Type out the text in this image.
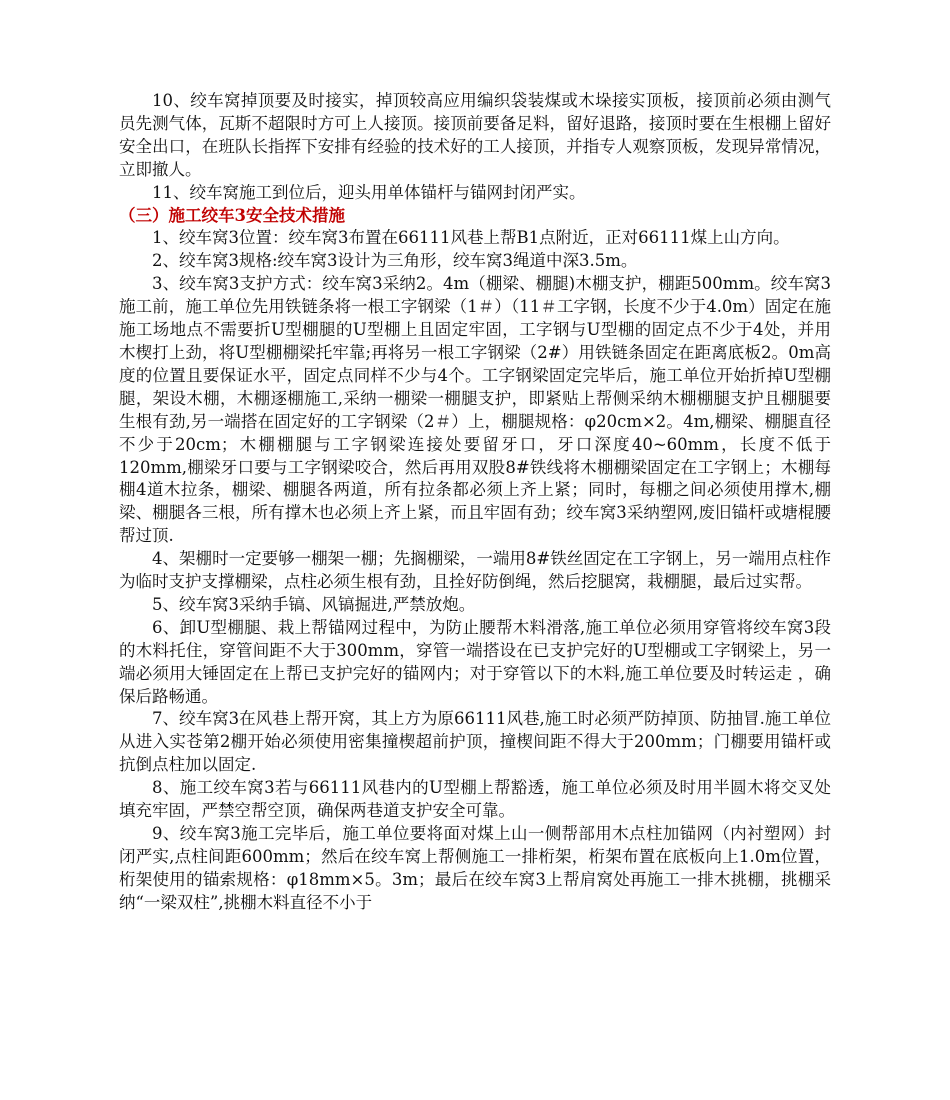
10、绞车窝掉顶要及时接实，掉顶较高应用编织袋装煤或木垛接实顶板，接顶前必须由测气员先测气体，瓦斯不超限时方可上人接顶。接顶前要备足料，留好退路，接顶时要在生根棚上留好安全出口，在班队长指挥下安排有经验的技术好的工人接顶，并指专人观察顶板，发现异常情况，立即撤人。

11、绞车窝施工到位后，迎头用单体锚杆与锚网封闭严实。

（三）施工绞车3安全技术措施

1、绞车窝3位置：绞车窝3布置在66111风巷上帮B1点附近，正对66111煤上山方向。

2、绞车窝3规格:绞车窝3设计为三角形，绞车窝3绳道中深3.5m。

3、绞车窝3支护方式：绞车窝3采纳2。4m（棚梁、棚腿)木棚支护，棚距500mm。绞车窝3施工前，施工单位先用铁链条将一根工字钢梁（1＃）（11＃工字钢，长度不少于4.0m）固定在施施工场地点不需要折U型棚腿的U型棚上且固定牢固，工字钢与U型棚的固定点不少于4处，并用木楔打上劲，将U型棚棚梁托牢靠;再将另一根工字钢梁（2#）用铁链条固定在距离底板2。0m高度的位置且要保证水平，固定点同样不少与4个。工字钢梁固定完毕后，施工单位开始折掉U型棚腿，架设木棚，木棚逐棚施工,采纳一棚梁一棚腿支护，即紧贴上帮侧采纳木棚棚腿支护且棚腿要生根有劲,另一端搭在固定好的工字钢梁（2＃）上，棚腿规格：φ20cm×2。4m,棚梁、棚腿直径不少于20cm；木棚棚腿与工字钢梁连接处要留牙口，牙口深度40~60mm，长度不低于120mm,棚梁牙口要与工字钢梁咬合，然后再用双股8#铁线将木棚棚梁固定在工字钢上；木棚每棚4道木拉条，棚梁、棚腿各两道，所有拉条都必须上齐上紧；同时，每棚之间必须使用撑木,棚梁、棚腿各三根，所有撑木也必须上齐上紧，而且牢固有劲；绞车窝3采纳塑网,废旧锚杆或塘棍腰帮过顶.

4、架棚时一定要够一棚架一棚；先搁棚梁，一端用8#铁丝固定在工字钢上，另一端用点柱作为临时支护支撑棚梁，点柱必须生根有劲，且拴好防倒绳，然后挖腿窝，栽棚腿，最后过实帮。

5、绞车窝3采纳手镐、风镐掘进,严禁放炮。

6、卸U型棚腿、栽上帮锚网过程中，为防止腰帮木料滑落,施工单位必须用穿管将绞车窝3段的木料托住，穿管间距不大于300mm，穿管一端搭设在已支护完好的U型棚或工字钢梁上，另一端必须用大锤固定在上帮已支护完好的锚网内；对于穿管以下的木料,施工单位要及时转运走 ，确保后路畅通。

7、绞车窝3在风巷上帮开窝，其上方为原66111风巷,施工时必须严防掉顶、防抽冒.施工单位从进入实苍第2棚开始必须使用密集撞楔超前护顶，撞楔间距不得大于200mm；门棚要用锚杆或抗倒点柱加以固定.

8、施工绞车窝3若与66111风巷内的U型棚上帮豁透，施工单位必须及时用半圆木将交叉处填充牢固，严禁空帮空顶，确保两巷道支护安全可靠。

9、绞车窝3施工完毕后，施工单位要将面对煤上山一侧帮部用木点柱加锚网（内衬塑网）封闭严实,点柱间距600mm；然后在绞车窝上帮侧施工一排桁架，桁架布置在底板向上1.0m位置，桁架使用的锚索规格：φ18mm×5。3m；最后在绞车窝3上帮肩窝处再施工一排木挑棚，挑棚采纳“一梁双柱”,挑棚木料直径不小于
